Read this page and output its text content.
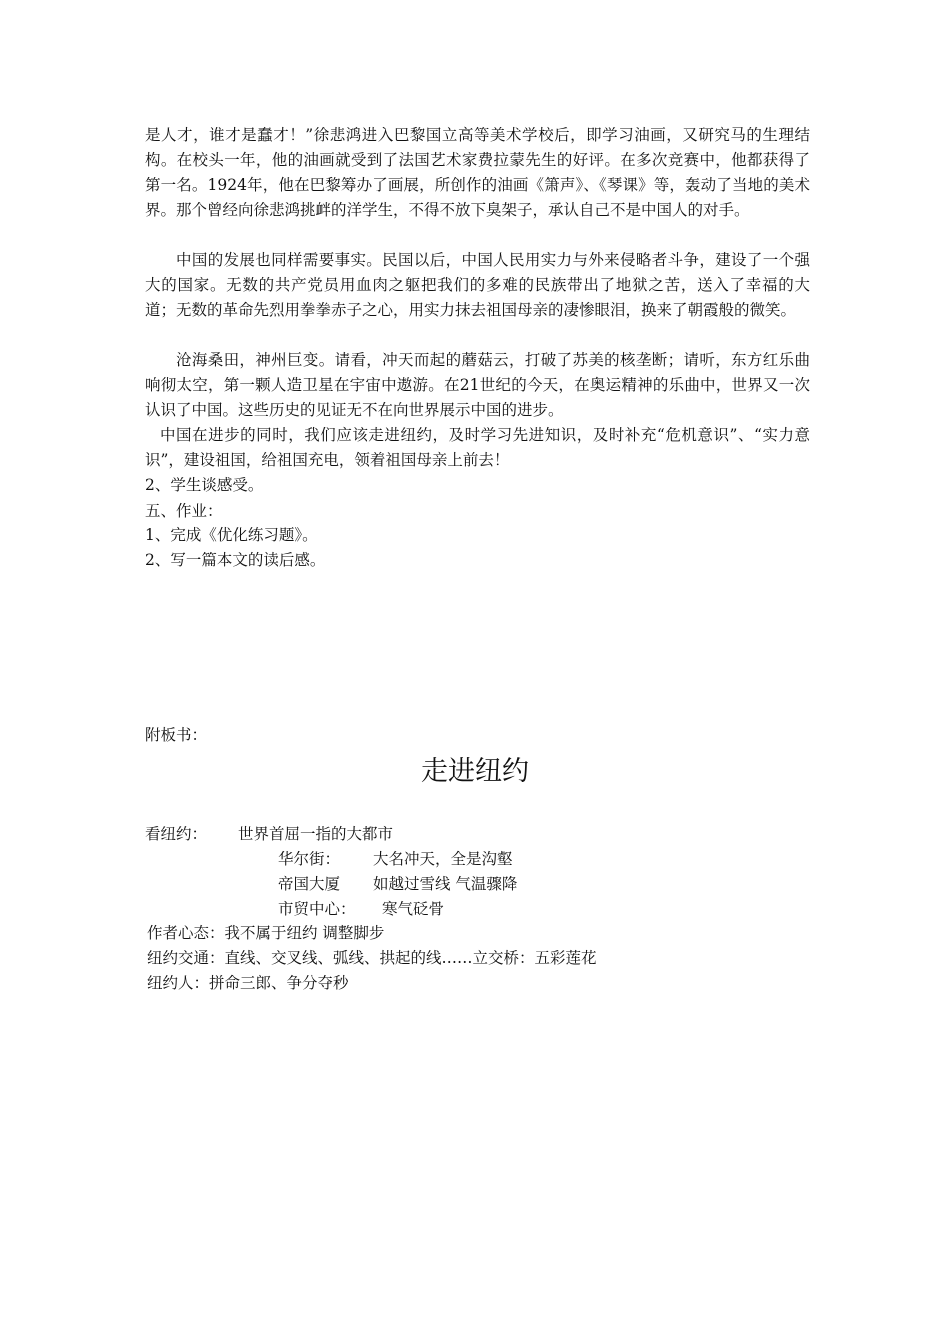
是人才，谁才是蠢才！”徐悲鸿进入巴黎国立高等美术学校后，即学习油画，又研究马的生理结构。在校头一年，他的油画就受到了法国艺术家费拉蒙先生的好评。在多次竞赛中，他都获得了第一名。1924年，他在巴黎筹办了画展，所创作的油画《箫声》、《琴课》等，轰动了当地的美术界。那个曾经向徐悲鸿挑衅的洋学生，不得不放下臭架子，承认自己不是中国人的对手。
中国的发展也同样需要事实。民国以后，中国人民用实力与外来侵略者斗争，建设了一个强大的国家。无数的共产党员用血肉之躯把我们的多难的民族带出了地狱之苦，送入了幸福的大道；无数的革命先烈用拳拳赤子之心，用实力抹去祖国母亲的凄惨眼泪，换来了朝霞般的微笑。
沧海桑田，神州巨变。请看，冲天而起的蘑菇云，打破了苏美的核垄断；请听，东方红乐曲响彻太空，第一颗人造卫星在宇宙中遨游。在21世纪的今天，在奥运精神的乐曲中，世界又一次认识了中国。这些历史的见证无不在向世界展示中国的进步。
中国在进步的同时，我们应该走进纽约，及时学习先进知识，及时补充“危机意识”、“实力意识”，建设祖国，给祖国充电，领着祖国母亲上前去！
2、学生谈感受。
五、作业：
1、完成《优化练习题》。
2、写一篇本文的读后感。
附板书：
走进纽约
看纽约： 世界首屈一指的大都市
华尔街： 大名冲天，全是沟壑
帝国大厦 如越过雪线 气温骤降
市贸中心： 寒气砭骨
作者心态：我不属于纽约 调整脚步
纽约交通：直线、交叉线、弧线、拱起的线……立交桥：五彩莲花
纽约人：拼命三郎、争分夺秒
